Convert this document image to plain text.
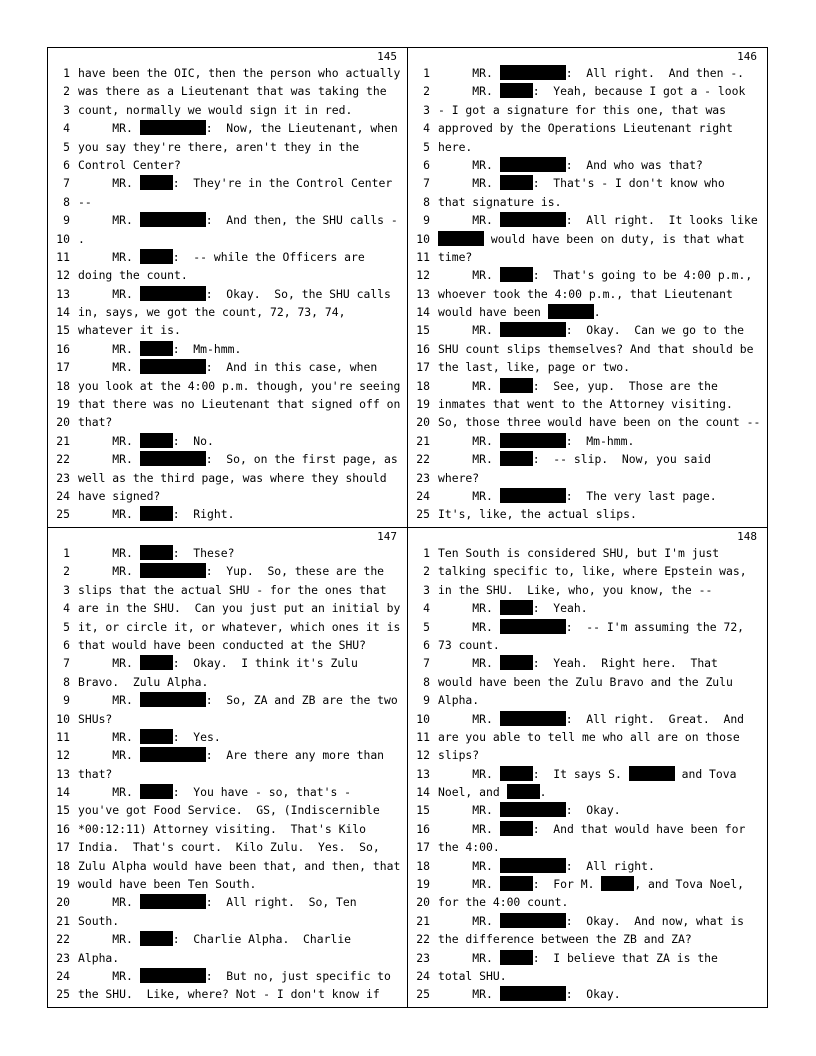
145
1 have been the OIC, then the person who actually
2 was there as a Lieutenant that was taking the
3 count, normally we would sign it in red.
4 MR.	:  Now, the Lieutenant, when
5 you say they're there, aren't they in the
6 Control Center?
7 MR.	:  They're in the Control Center
8 --
9 MR.	:  And then, the SHU calls -
10 .
11 MR.	:  -- while the Officers are
12 doing the count.
13 MR.	:  Okay.  So, the SHU calls
14 in, says, we got the count, 72, 73, 74,
15 whatever it is.
16 MR.	:  Mm-hmm.
17 MR.	:  And in this case, when
18 you look at the 4:00 p.m. though, you're seeing
19 that there was no Lieutenant that signed off on
20 that?
21 MR.	:  No.
22 MR.	:  So, on the first page, as
23 well as the third page, was where they should
24 have signed?
25 MR.	:  Right.
146
1 MR.	:  All right.  And then -.
2 MR.	:  Yeah, because I got a - look
3 - I got a signature for this one, that was
4 approved by the Operations Lieutenant right
5 here.
6 MR.	:  And who was that?
7 MR.	:  That's - I don't know who
8 that signature is.
9 MR.	:  All right.  It looks like
10	would have been on duty, is that what
11 time?
12 MR.	:  That's going to be 4:00 p.m.,
13 whoever took the 4:00 p.m., that Lieutenant
14 would have been	.
15 MR.	:  Okay.  Can we go to the
16 SHU count slips themselves? And that should be
17 the last, like, page or two.
18 MR.	:  See, yup.  Those are the
19 inmates that went to the Attorney visiting.
20 So, those three would have been on the count --
21 MR.	:  Mm-hmm.
22 MR.	:  -- slip.  Now, you said
23 where?
24 MR.	:  The very last page.
25 It's, like, the actual slips.
147
1 MR.	:  These?
2 MR.	:  Yup.  So, these are the
3 slips that the actual SHU - for the ones that
4 are in the SHU.  Can you just put an initial by
5 it, or circle it, or whatever, which ones it is
6 that would have been conducted at the SHU?
7 MR.	:  Okay.  I think it's Zulu
8 Bravo.  Zulu Alpha.
9 MR.	:  So, ZA and ZB are the two
10 SHUs?
11 MR.	:  Yes.
12 MR.	:  Are there any more than
13 that?
14 MR.	:  You have - so, that's -
15 you've got Food Service.  GS, (Indiscernible
16 *00:12:11) Attorney visiting.  That's Kilo
17 India.  That's court.  Kilo Zulu.  Yes.  So,
18 Zulu Alpha would have been that, and then, that
19 would have been Ten South.
20 MR.	:  All right.  So, Ten
21 South.
22 MR.	:  Charlie Alpha.  Charlie
23 Alpha.
24 MR.	:  But no, just specific to
25 the SHU.  Like, where? Not - I don't know if
148
1 Ten South is considered SHU, but I'm just
2 talking specific to, like, where Epstein was,
3 in the SHU.  Like, who, you know, the --
4 MR.	:  Yeah.
5 MR.	:  -- I'm assuming the 72,
6 73 count.
7 MR.	:  Yeah.  Right here.  That
8 would have been the Zulu Bravo and the Zulu
9 Alpha.
10 MR.	:  All right.  Great.  And
11 are you able to tell me who all are on those
12 slips?
13 MR.	:  It says S.	and Tova
14 Noel, and	.
15 MR.	:  Okay.
16 MR.	:  And that would have been for
17 the 4:00.
18 MR.	:  All right.
19 MR.	:  For M.	, and Tova Noel,
20 for the 4:00 count.
21 MR.	:  Okay.  And now, what is
22 the difference between the ZB and ZA?
23 MR.	:  I believe that ZA is the
24 total SHU.
25 MR.	:  Okay.
